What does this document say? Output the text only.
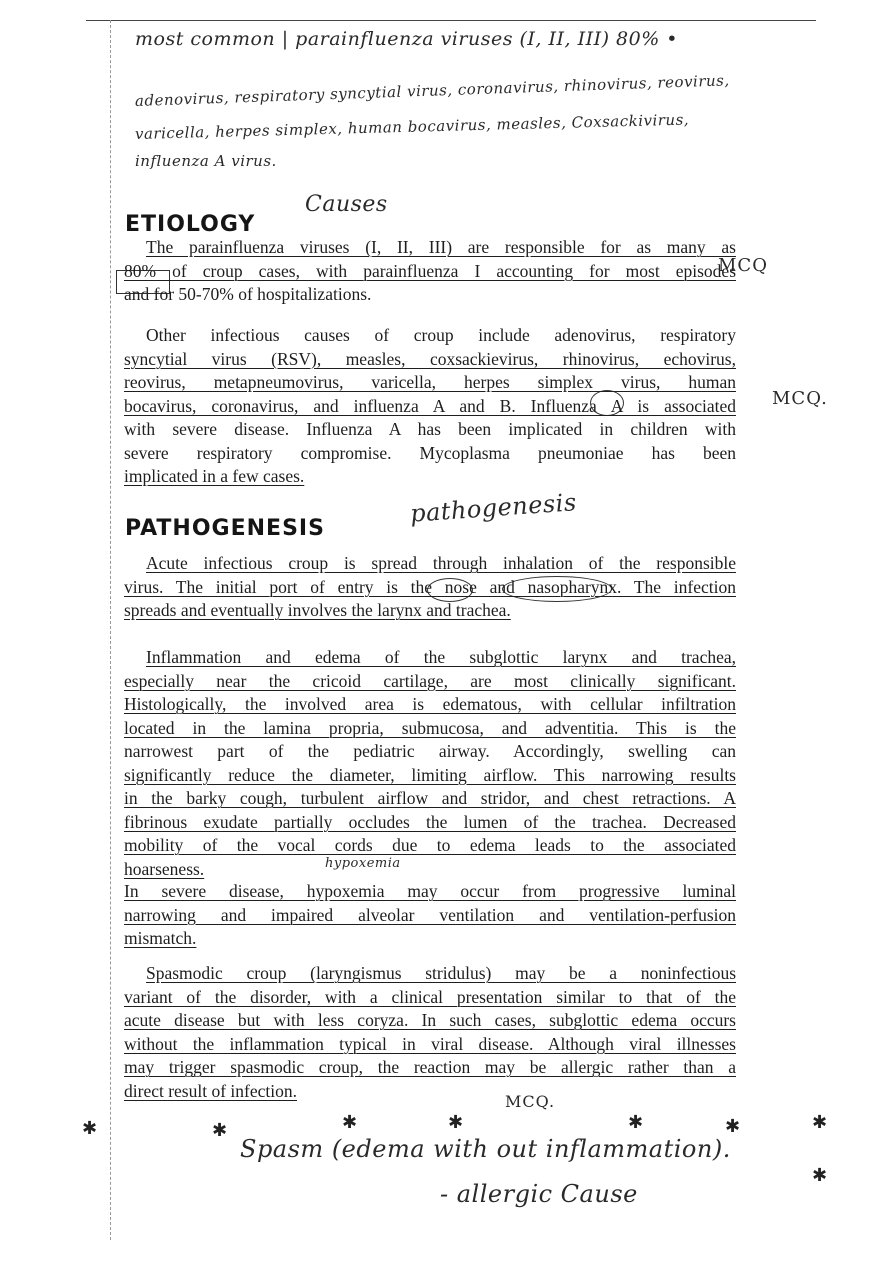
most common | parainfluenza viruses (I, II, III) 80% •
adenovirus, respiratory syncytial virus, coronavirus, rhinovirus, reovirus,
varicella, herpes simplex, human bocavirus, measles, Coxsackivirus,
influenza A virus.
Causes
MCQ
MCQ.
pathogenesis
hypoxemia
MCQ.
Spasm (edema with out inflammation).
- allergic Cause
ETIOLOGY
PATHOGENESIS
✱	✱	✱	✱	✱	✱	✱
✱
The parainfluenza viruses (I, II, III) are responsible for as many as
80% of croup cases, with parainfluenza I accounting for most episodes
and for 50-70% of hospitalizations.
Other infectious causes of croup include adenovirus, respiratory
syncytial virus (RSV), measles, coxsackievirus, rhinovirus, echovirus,
reovirus, metapneumovirus, varicella, herpes simplex virus, human
bocavirus, coronavirus, and influenza A and B. Influenza A is associated
with severe disease. Influenza A has been implicated in children with
severe respiratory compromise. Mycoplasma pneumoniae has been
implicated in a few cases.
Acute infectious croup is spread through inhalation of the responsible
virus. The initial port of entry is the nose and nasopharynx. The infection
spreads and eventually involves the larynx and trachea.
Inflammation and edema of the subglottic larynx and trachea,
especially near the cricoid cartilage, are most clinically significant.
Histologically, the involved area is edematous, with cellular infiltration
located in the lamina propria, submucosa, and adventitia. This is the
narrowest part of the pediatric airway. Accordingly, swelling can
significantly reduce the diameter, limiting airflow. This narrowing results
in the barky cough, turbulent airflow and stridor, and chest retractions. A
fibrinous exudate partially occludes the lumen of the trachea. Decreased
mobility of the vocal cords due to edema leads to the associated
hoarseness.
In severe disease, hypoxemia may occur from progressive luminal
narrowing and impaired alveolar ventilation and ventilation-perfusion
mismatch.
Spasmodic croup (laryngismus stridulus) may be a noninfectious
variant of the disorder, with a clinical presentation similar to that of the
acute disease but with less coryza. In such cases, subglottic edema occurs
without the inflammation typical in viral disease. Although viral illnesses
may trigger spasmodic croup, the reaction may be allergic rather than a
direct result of infection.
